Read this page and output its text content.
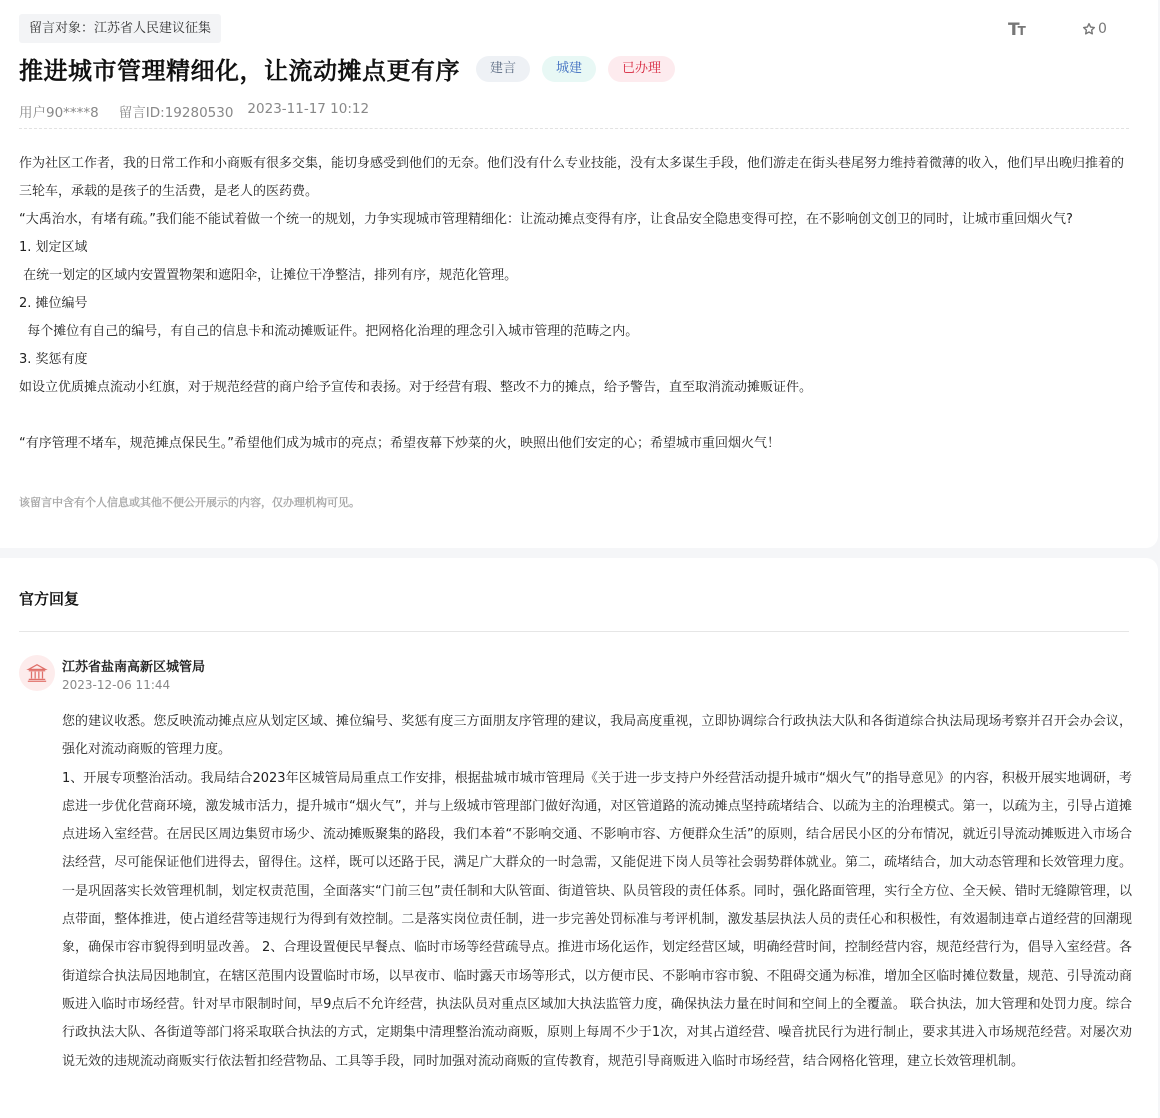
留言对象：江苏省人民建议征集	TT	0
推进城市管理精细化，让流动摊点更有序	建言	城建	已办理
用户90****8 留言ID:19280530 2023-11-17 10:12

作为社区工作者，我的日常工作和小商贩有很多交集，能切身感受到他们的无奈。他们没有什么专业技能，没有太多谋生手段，他们游走在街头巷尾努力维持着微薄的收入，他们早出晚归推着的三轮车，承载的是孩子的生活费，是老人的医药费。

“大禹治水，有堵有疏。”我们能不能试着做一个统一的规划，力争实现城市管理精细化：让流动摊点变得有序，让食品安全隐患变得可控，在不影响创文创卫的同时，让城市重回烟火气?

1. 划定区域

在统一划定的区域内安置置物架和遮阳伞，让摊位干净整洁，排列有序，规范化管理。

2. 摊位编号

每个摊位有自己的编号，有自己的信息卡和流动摊贩证件。把网格化治理的理念引入城市管理的范畴之内。

3. 奖惩有度

如设立优质摊点流动小红旗，对于规范经营的商户给予宣传和表扬。对于经营有瑕、整改不力的摊点，给予警告，直至取消流动摊贩证件。

“有序管理不堵车，规范摊点保民生。”希望他们成为城市的亮点；希望夜幕下炒菜的火，映照出他们安定的心；希望城市重回烟火气！

该留言中含有个人信息或其他不便公开展示的内容，仅办理机构可见。
官方回复
江苏省盐南高新区城管局
2023-12-06 11:44

您的建议收悉。您反映流动摊点应从划定区域、摊位编号、奖惩有度三方面朋友序管理的建议，我局高度重视，立即协调综合行政执法大队和各街道综合执法局现场考察并召开会办会议，强化对流动商贩的管理力度。

1、开展专项整治活动。我局结合2023年区城管局局重点工作安排，根据盐城市城市管理局《关于进一步支持户外经营活动提升城市“烟火气”的指导意见》的内容，积极开展实地调研，考虑进一步优化营商环境，激发城市活力，提升城市“烟火气”，并与上级城市管理部门做好沟通，对区管道路的流动摊点坚持疏堵结合、以疏为主的治理模式。第一，以疏为主，引导占道摊点进场入室经营。在居民区周边集贸市场少、流动摊贩聚集的路段，我们本着“不影响交通、不影响市容、方便群众生活”的原则，结合居民小区的分布情况，就近引导流动摊贩进入市场合法经营，尽可能保证他们进得去，留得住。这样，既可以还路于民，满足广大群众的一时急需，又能促进下岗人员等社会弱势群体就业。第二，疏堵结合，加大动态管理和长效管理力度。一是巩固落实长效管理机制，划定权责范围，全面落实“门前三包”责任制和大队管面、街道管块、队员管段的责任体系。同时，强化路面管理，实行全方位、全天候、错时无缝隙管理，以点带面，整体推进，使占道经营等违规行为得到有效控制。二是落实岗位责任制，进一步完善处罚标准与考评机制，激发基层执法人员的责任心和积极性，有效遏制违章占道经营的回潮现象，确保市容市貌得到明显改善。 2、合理设置便民早餐点、临时市场等经营疏导点。推进市场化运作，划定经营区域，明确经营时间，控制经营内容，规范经营行为，倡导入室经营。各街道综合执法局因地制宜，在辖区范围内设置临时市场，以早夜市、临时露天市场等形式，以方便市民、不影响市容市貌、不阻碍交通为标准，增加全区临时摊位数量，规范、引导流动商贩进入临时市场经营。针对早市限制时间，早9点后不允许经营，执法队员对重点区域加大执法监管力度，确保执法力量在时间和空间上的全覆盖。 联合执法，加大管理和处罚力度。综合行政执法大队、各街道等部门将采取联合执法的方式，定期集中清理整治流动商贩，原则上每周不少于1次，对其占道经营、噪音扰民行为进行制止，要求其进入市场规范经营。对屡次劝说无效的违规流动商贩实行依法暂扣经营物品、工具等手段，同时加强对流动商贩的宣传教育，规范引导商贩进入临时市场经营，结合网格化管理，建立长效管理机制。
